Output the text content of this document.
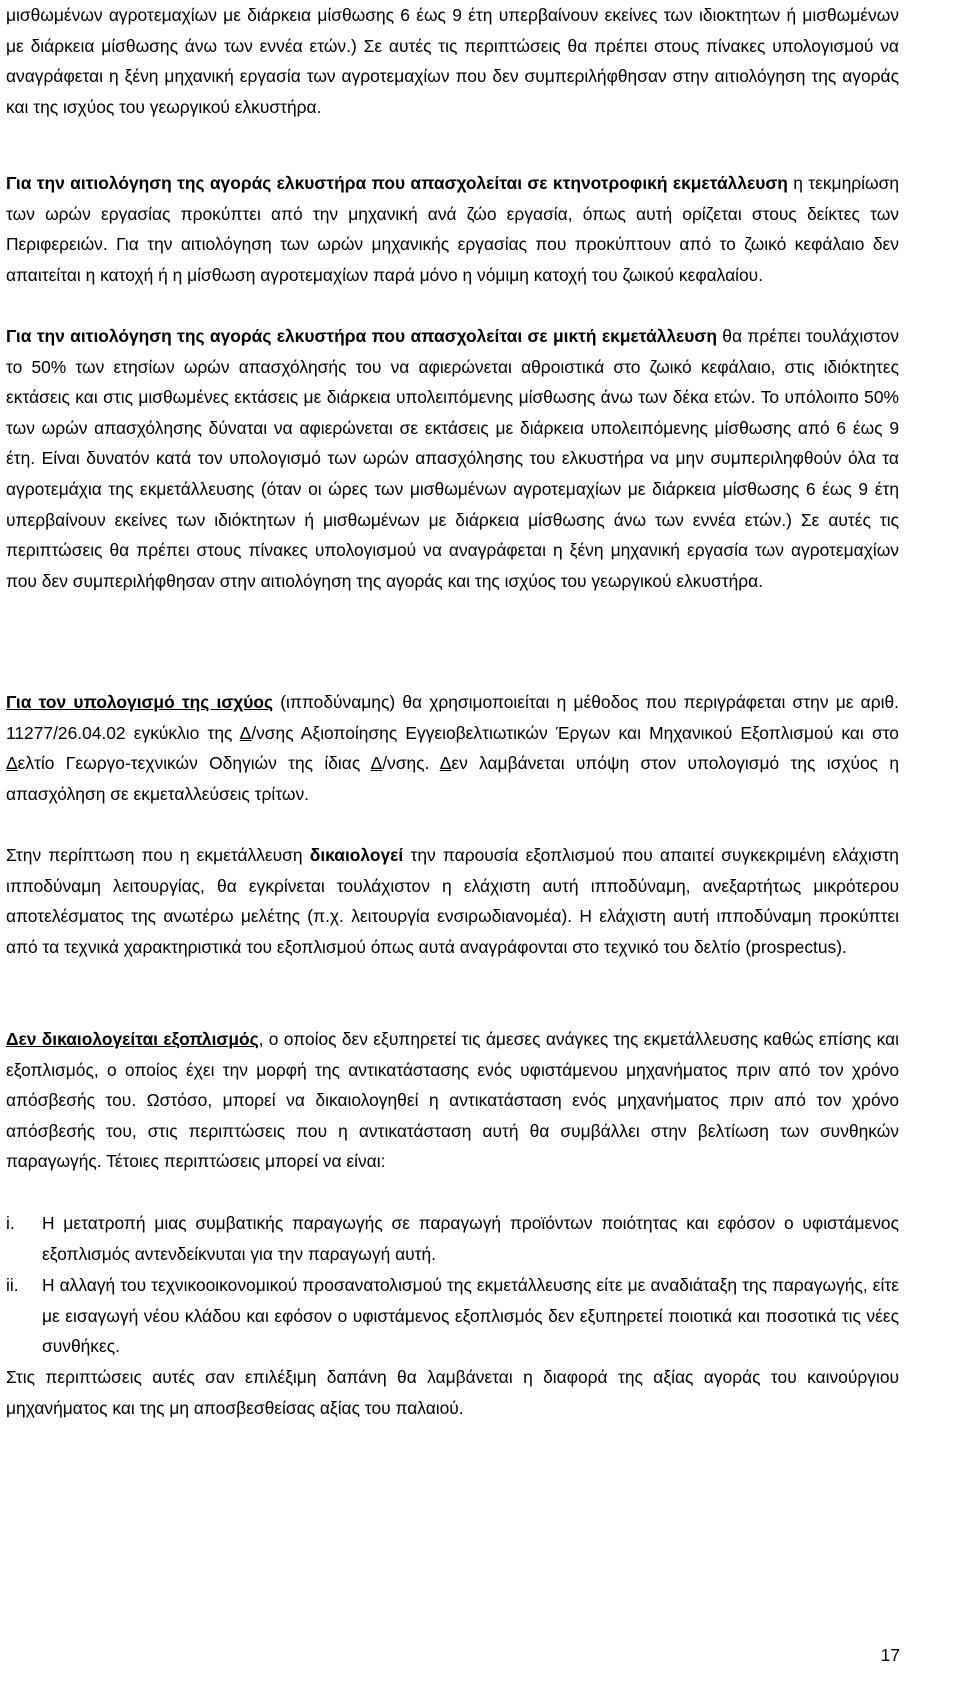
μισθωμένων αγροτεμαχίων με διάρκεια μίσθωσης 6 έως 9 έτη υπερβαίνουν εκείνες των ιδιοκτητων ή μισθωμένων με διάρκεια μίσθωσης άνω των εννέα ετών.) Σε αυτές τις περιπτώσεις θα πρέπει στους πίνακες υπολογισμού να αναγράφεται η ξένη μηχανική εργασία των αγροτεμαχίων που δεν συμπεριλήφθησαν στην αιτιολόγηση της αγοράς και της ισχύος του γεωργικού ελκυστήρα.

Για την αιτιολόγηση της αγοράς ελκυστήρα που απασχολείται σε κτηνοτροφική εκμετάλλευση η τεκμηρίωση των ωρών εργασίας προκύπτει από την μηχανική ανά ζώο εργασία, όπως αυτή ορίζεται στους δείκτες των Περιφερειών. Για την αιτιολόγηση των ωρών μηχανικής εργασίας που προκύπτουν από το ζωικό κεφάλαιο δεν απαιτείται η κατοχή ή η μίσθωση αγροτεμαχίων παρά μόνο η νόμιμη κατοχή του ζωικού κεφαλαίου.

Για την αιτιολόγηση της αγοράς ελκυστήρα που απασχολείται σε μικτή εκμετάλλευση θα πρέπει τουλάχιστον το 50% των ετησίων ωρών απασχόλησής του να αφιερώνεται αθροιστικά στο ζωικό κεφάλαιο, στις ιδιόκτητες εκτάσεις και στις μισθωμένες εκτάσεις με διάρκεια υπολειπόμενης μίσθωσης άνω των δέκα ετών. Το υπόλοιπο 50% των ωρών απασχόλησης δύναται να αφιερώνεται σε εκτάσεις με διάρκεια υπολειπόμενης μίσθωσης από 6 έως 9 έτη. Είναι δυνατόν κατά τον υπολογισμό των ωρών απασχόλησης του ελκυστήρα να μην συμπεριληφθούν όλα τα αγροτεμάχια της εκμετάλλευσης (όταν οι ώρες των μισθωμένων αγροτεμαχίων με διάρκεια μίσθωσης 6 έως 9 έτη υπερβαίνουν εκείνες των ιδιόκτητων ή μισθωμένων με διάρκεια μίσθωσης άνω των εννέα ετών.) Σε αυτές τις περιπτώσεις θα πρέπει στους πίνακες υπολογισμού να αναγράφεται η ξένη μηχανική εργασία των αγροτεμαχίων που δεν συμπεριλήφθησαν στην αιτιολόγηση της αγοράς και της ισχύος του γεωργικού ελκυστήρα.

Για τον υπολογισμό της ισχύος (ιπποδύναμης) θα χρησιμοποιείται η μέθοδος που περιγράφεται στην με αριθ. 11277/26.04.02 εγκύκλιο της Δ/νσης Αξιοποίησης Εγγειοβελτιωτικών Έργων και Μηχανικού Εξοπλισμού και στο Δελτίο Γεωργο-τεχνικών Οδηγιών της ίδιας Δ/νσης. Δεν λαμβάνεται υπόψη στον υπολογισμό της ισχύος η απασχόληση σε εκμεταλλεύσεις τρίτων.

Στην περίπτωση που η εκμετάλλευση δικαιολογεί την παρουσία εξοπλισμού που απαιτεί συγκεκριμένη ελάχιστη ιπποδύναμη λειτουργίας, θα εγκρίνεται τουλάχιστον η ελάχιστη αυτή ιπποδύναμη, ανεξαρτήτως μικρότερου αποτελέσματος της ανωτέρω μελέτης (π.χ. λειτουργία ενσιρωδιανομέα). Η ελάχιστη αυτή ιπποδύναμη προκύπτει από τα τεχνικά χαρακτηριστικά του εξοπλισμού όπως αυτά αναγράφονται στο τεχνικό του δελτίο (prospectus).

Δεν δικαιολογείται εξοπλισμός, ο οποίος δεν εξυπηρετεί τις άμεσες ανάγκες της εκμετάλλευσης καθώς επίσης και εξοπλισμός, ο οποίος έχει την μορφή της αντικατάστασης ενός υφιστάμενου μηχανήματος πριν από τον χρόνο απόσβεσής του. Ωστόσο, μπορεί να δικαιολογηθεί η αντικατάσταση ενός μηχανήματος πριν από τον χρόνο απόσβεσής του, στις περιπτώσεις που η αντικατάσταση αυτή θα συμβάλλει στην βελτίωση των συνθηκών παραγωγής. Τέτοιες περιπτώσεις μπορεί να είναι:

i.	Η μετατροπή μιας συμβατικής παραγωγής σε παραγωγή προϊόντων ποιότητας και εφόσον ο υφιστάμενος εξοπλισμός αντενδείκνυται για την παραγωγή αυτή.
ii.	Η αλλαγή του τεχνικοοικονομικού προσανατολισμού της εκμετάλλευσης είτε με αναδιάταξη της παραγωγής, είτε με εισαγωγή νέου κλάδου και εφόσον ο υφιστάμενος εξοπλισμός δεν εξυπηρετεί ποιοτικά και ποσοτικά τις νέες συνθήκες.

Στις περιπτώσεις αυτές σαν επιλέξιμη δαπάνη θα λαμβάνεται η διαφορά της αξίας αγοράς του καινούργιου μηχανήματος και της μη αποσβεσθείσας αξίας του παλαιού.

17
